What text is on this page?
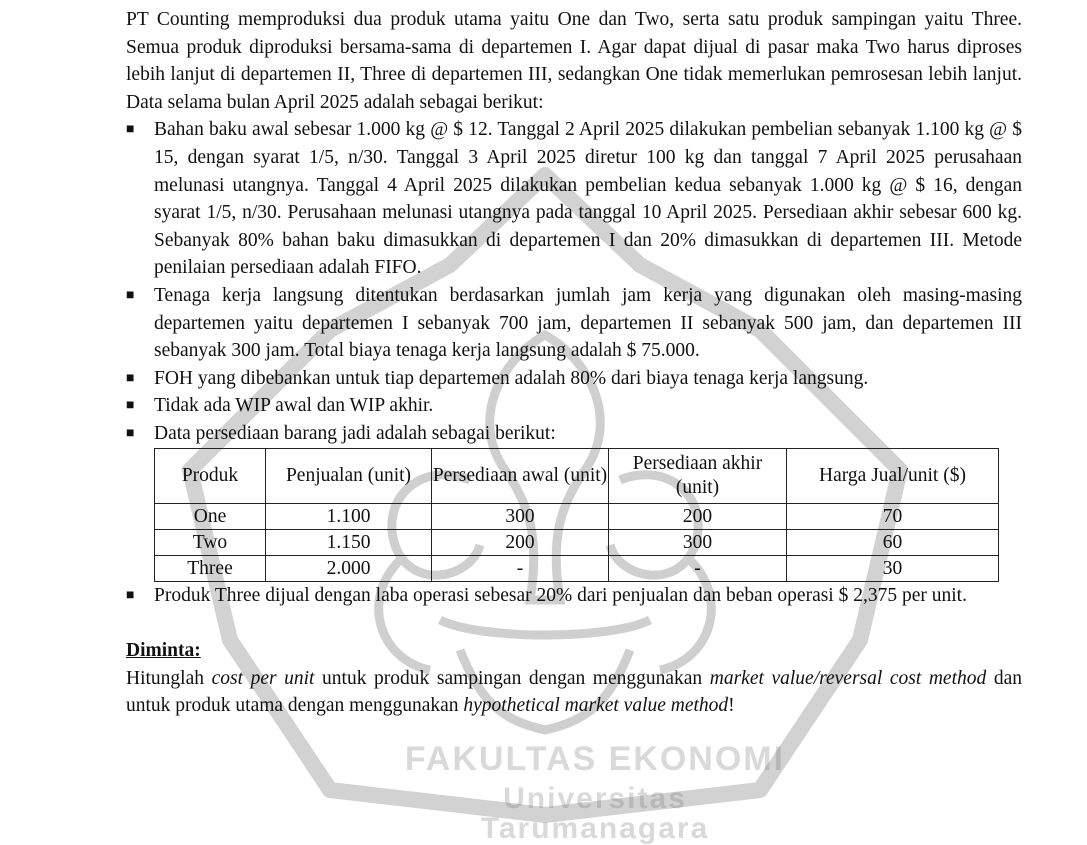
FAKULTAS EKONOMI
Universitas Tarumanagara

PT Counting memproduksi dua produk utama yaitu One dan Two, serta satu produk sampingan yaitu Three. Semua produk diproduksi bersama-sama di departemen I. Agar dapat dijual di pasar maka Two harus diproses lebih lanjut di departemen II, Three di departemen III, sedangkan One tidak memerlukan pemrosesan lebih lanjut. Data selama bulan April 2025 adalah sebagai berikut:

■
Bahan baku awal sebesar 1.000 kg @ $ 12. Tanggal 2 April 2025 dilakukan pembelian sebanyak 1.100 kg @ $ 15, dengan syarat 1/5, n/30. Tanggal 3 April 2025 diretur 100 kg dan tanggal 7 April 2025 perusahaan melunasi utangnya. Tanggal 4 April 2025 dilakukan pembelian kedua sebanyak 1.000 kg @ $ 16, dengan syarat 1/5, n/30. Perusahaan melunasi utangnya pada tanggal 10 April 2025. Persediaan akhir sebesar 600 kg. Sebanyak 80% bahan baku dimasukkan di departemen I dan 20% dimasukkan di departemen III. Metode penilaian persediaan adalah FIFO.
■
Tenaga kerja langsung ditentukan berdasarkan jumlah jam kerja yang digunakan oleh masing-masing departemen yaitu departemen I sebanyak 700 jam, departemen II sebanyak 500 jam, dan departemen III sebanyak 300 jam. Total biaya tenaga kerja langsung adalah $ 75.000.
■
FOH yang dibebankan untuk tiap departemen adalah 80% dari biaya tenaga kerja langsung.
■
Tidak ada WIP awal dan WIP akhir.
■
Data persediaan barang jadi adalah sebagai berikut:
Produk	Penjualan (unit)	Persediaan awal (unit)	Persediaan akhir (unit)	Harga Jual/unit ($)
One	1.100	300	200	70
Two	1.150	200	300	60
Three	2.000	-	-	30
■
Produk Three dijual dengan laba operasi sebesar 20% dari penjualan dan beban operasi $ 2,375 per unit.
Diminta:

Hitunglah cost per unit untuk produk sampingan dengan menggunakan market value/reversal cost method dan untuk produk utama dengan menggunakan hypothetical market value method!
